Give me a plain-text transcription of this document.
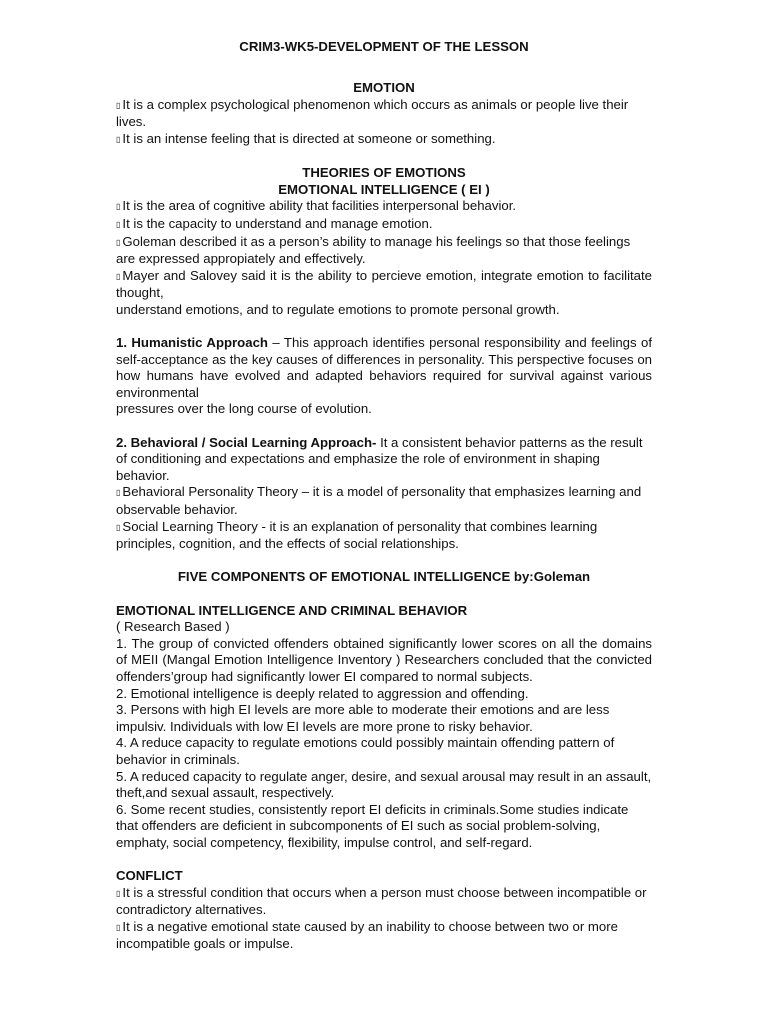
CRIM3-WK5-DEVELOPMENT OF THE LESSON

EMOTION

▯ It is a complex psychological phenomenon which occurs as animals or people live their lives.

▯ It is an intense feeling that is directed at someone or something.

THEORIES OF EMOTIONS

EMOTIONAL INTELLIGENCE ( EI )

▯ It is the area of cognitive ability that facilities interpersonal behavior.

▯ It is the capacity to understand and manage emotion.

▯ Goleman described it as a person’s ability to manage his feelings so that those feelings are expressed appropiately and effectively.

▯ Mayer and Salovey said it is the ability to percieve emotion, integrate emotion to facilitate thought,

understand emotions, and to regulate emotions to promote personal growth.

1. Humanistic Approach – This approach identifies personal responsibility and feelings of self-acceptance as the key causes of differences in personality. This perspective focuses on how humans have evolved and adapted behaviors required for survival against various environmental

pressures over the long course of evolution.

2. Behavioral / Social Learning Approach- It a consistent behavior patterns as the result of conditioning and expectations and emphasize the role of environment in shaping behavior.

▯ Behavioral Personality Theory – it is a model of personality that emphasizes learning and observable behavior.

▯ Social Learning Theory - it is an explanation of personality that combines learning principles, cognition, and the effects of social relationships.

FIVE COMPONENTS OF EMOTIONAL INTELLIGENCE by:Goleman

EMOTIONAL INTELLIGENCE AND CRIMINAL BEHAVIOR

( Research Based )

1. The group of convicted offenders obtained significantly lower scores on all the domains of MEII (Mangal Emotion Intelligence Inventory ) Researchers concluded that the convicted offenders’group had significantly lower EI compared to normal subjects.

2. Emotional intelligence is deeply related to aggression and offending.

3. Persons with high EI levels are more able to moderate their emotions and are less impulsiv. Individuals with low EI levels are more prone to risky behavior.

4. A reduce capacity to regulate emotions could possibly maintain offending pattern of behavior in criminals.

5. A reduced capacity to regulate anger, desire, and sexual arousal may result in an assault, theft,and sexual assault, respectively.

6. Some recent studies, consistently report EI deficits in criminals.Some studies indicate that offenders are deficient in subcomponents of EI such as social problem-solving, emphaty, social competency, flexibility, impulse control, and self-regard.

CONFLICT

▯ It is a stressful condition that occurs when a person must choose between incompatible or contradictory alternatives.

▯ It is a negative emotional state caused by an inability to choose between two or more incompatible goals or impulse.
